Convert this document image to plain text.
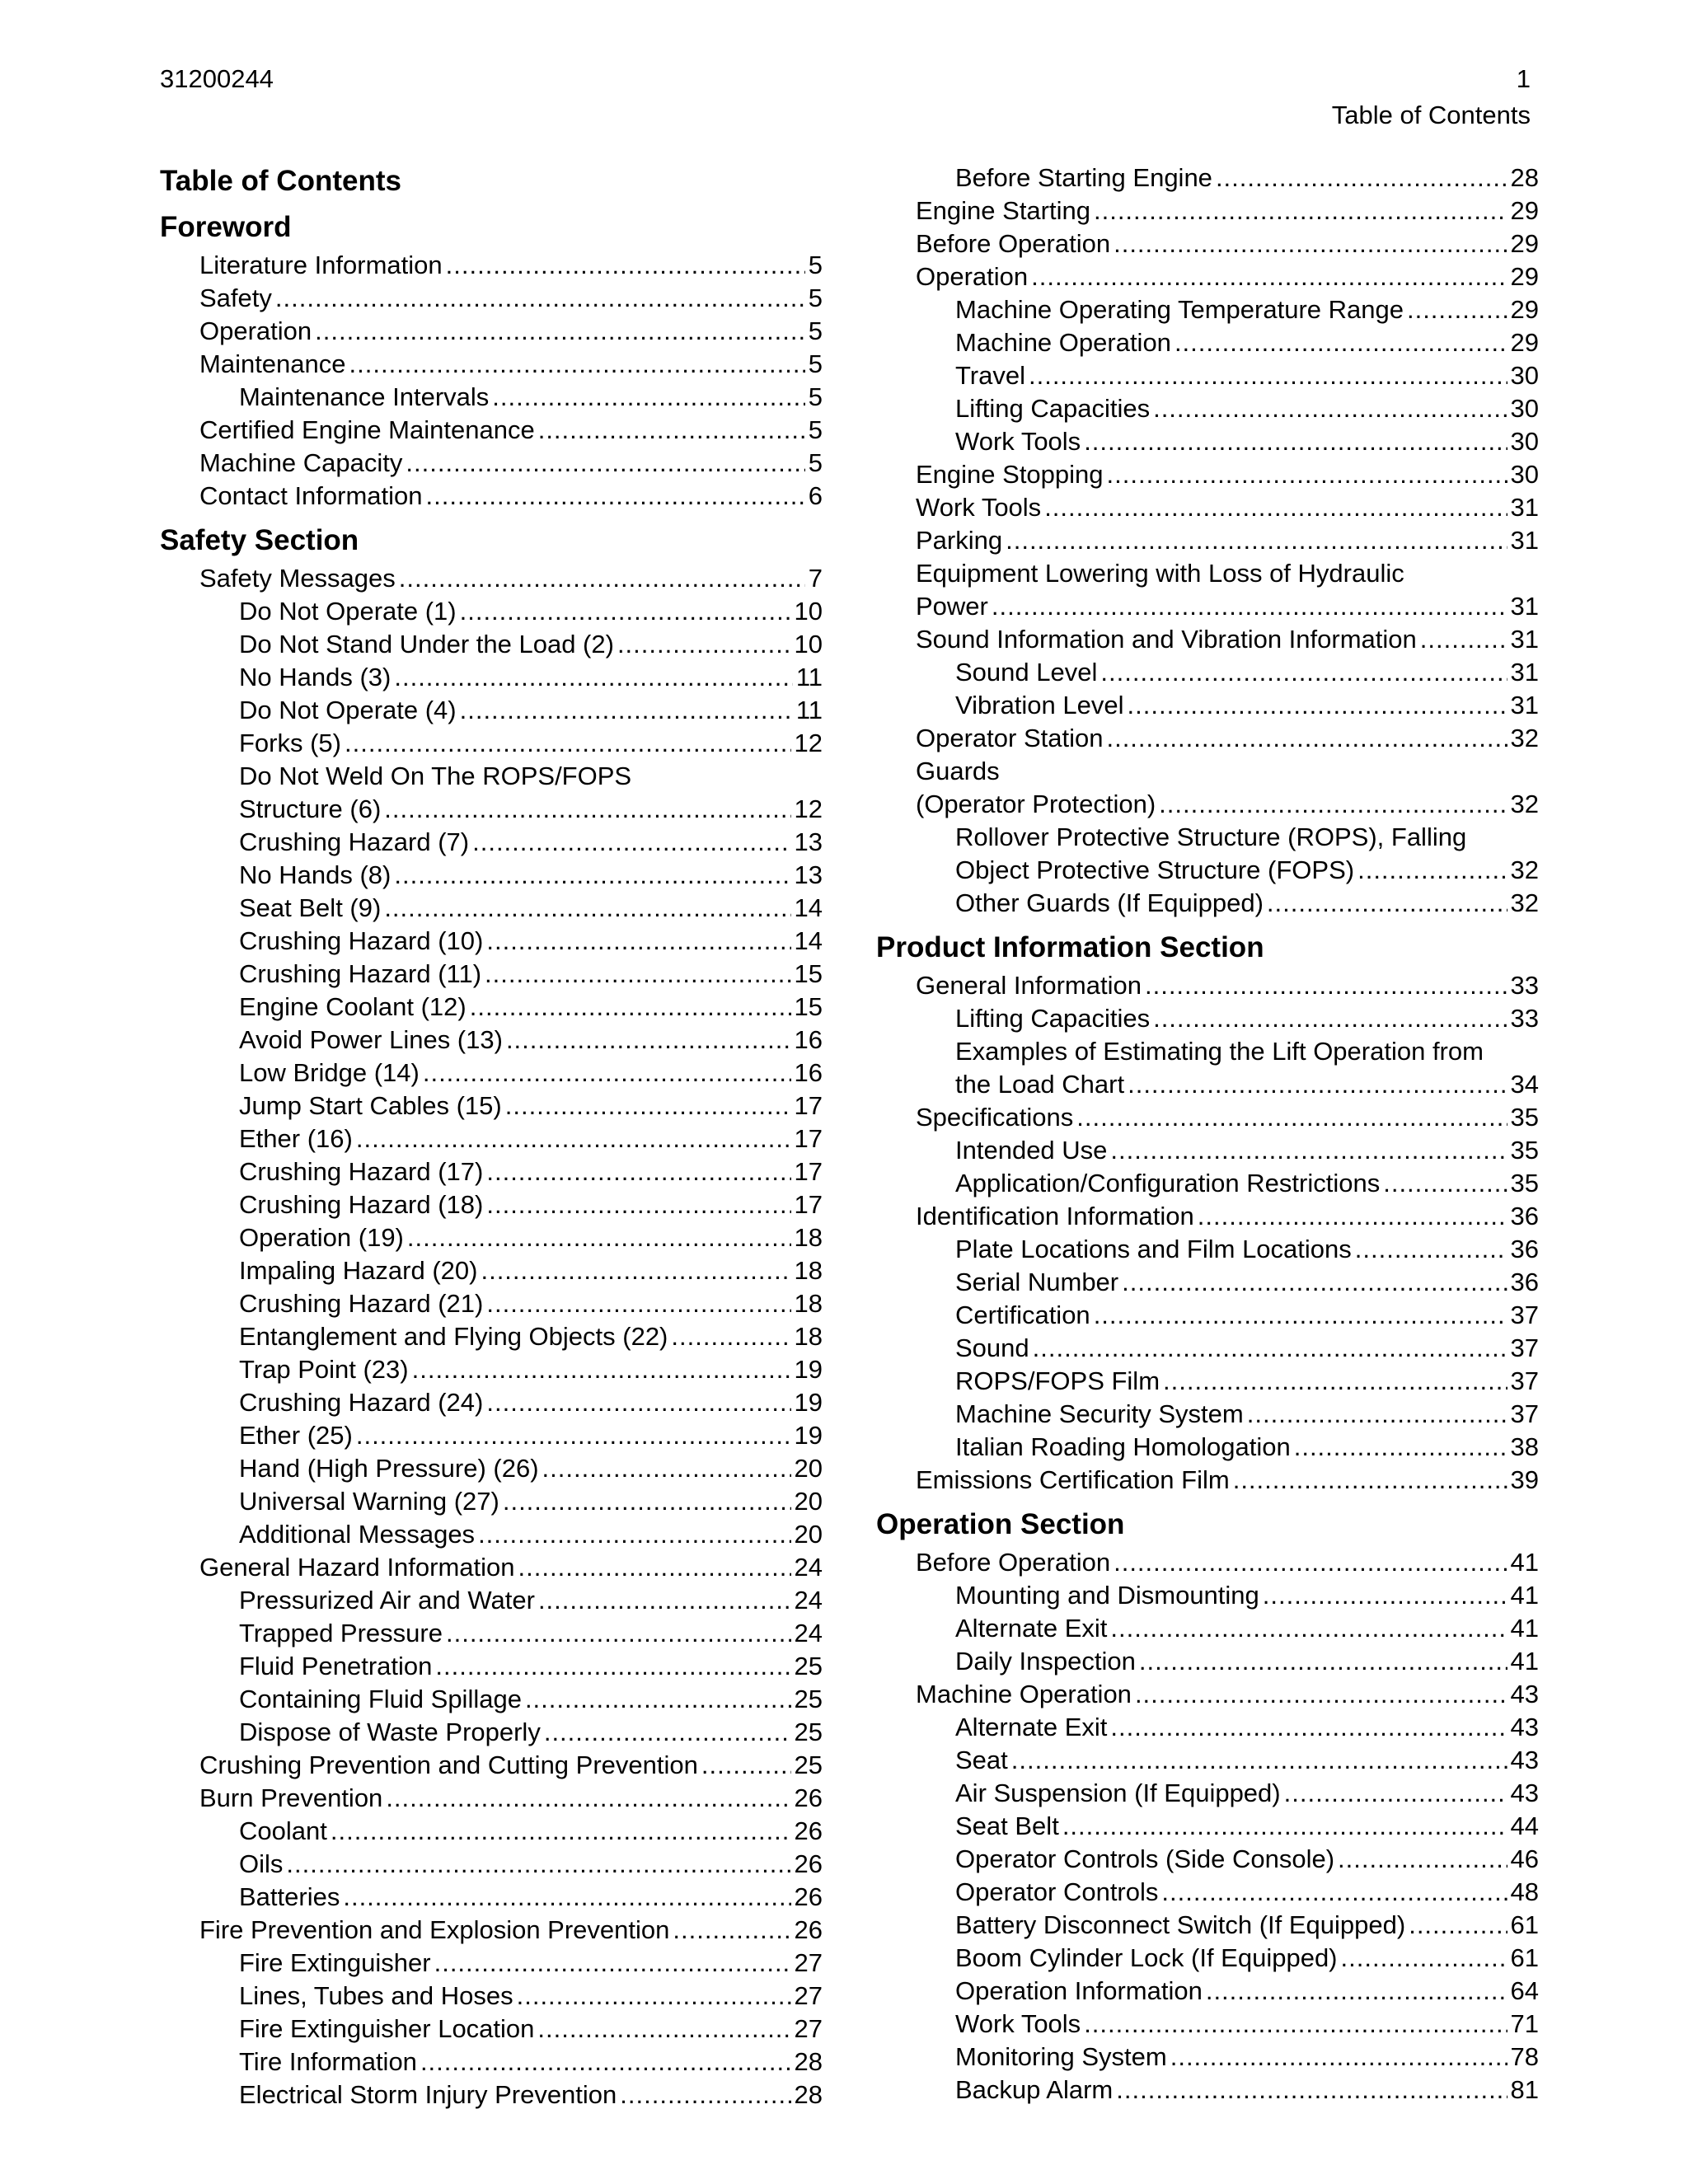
31200244	1
Table of Contents
Table of Contents
Foreword
Literature Information .....	5
Safety .....	5
Operation .....	5
Maintenance .....	5
Maintenance Intervals .....	5
Certified Engine Maintenance .....	5
Machine Capacity .....	5
Contact Information .....	6
Safety Section
Safety Messages .....	7
Do Not Operate (1) .....	10
Do Not Stand Under the Load (2) .....	10
No Hands (3) .....	11
Do Not Operate (4) .....	11
Forks (5) .....	12
Do Not Weld On The ROPS/FOPS
Structure (6) .....	12
Crushing Hazard (7) .....	13
No Hands (8) .....	13
Seat Belt (9) .....	14
Crushing Hazard (10) .....	14
Crushing Hazard (11) .....	15
Engine Coolant (12) .....	15
Avoid Power Lines (13) .....	16
Low Bridge (14) .....	16
Jump Start Cables (15) .....	17
Ether (16) .....	17
Crushing Hazard (17) .....	17
Crushing Hazard (18) .....	17
Operation (19) .....	18
Impaling Hazard (20) .....	18
Crushing Hazard (21) .....	18
Entanglement and Flying Objects (22) .....	18
Trap Point (23) .....	19
Crushing Hazard (24) .....	19
Ether (25) .....	19
Hand (High Pressure) (26) .....	20
Universal Warning (27) .....	20
Additional Messages .....	20
General Hazard Information .....	24
Pressurized Air and Water .....	24
Trapped Pressure .....	24
Fluid Penetration .....	25
Containing Fluid Spillage .....	25
Dispose of Waste Properly .....	25
Crushing Prevention and Cutting Prevention .....	25
Burn Prevention .....	26
Coolant .....	26
Oils .....	26
Batteries .....	26
Fire Prevention and Explosion Prevention .....	26
Fire Extinguisher .....	27
Lines, Tubes and Hoses .....	27
Fire Extinguisher Location .....	27
Tire Information .....	28
Electrical Storm Injury Prevention .....	28
Before Starting Engine .....	28
Engine Starting .....	29
Before Operation .....	29
Operation .....	29
Machine Operating Temperature Range .....	29
Machine Operation .....	29
Travel .....	30
Lifting Capacities .....	30
Work Tools .....	30
Engine Stopping .....	30
Work Tools .....	31
Parking .....	31
Equipment Lowering with Loss of Hydraulic
Power .....	31
Sound Information and Vibration Information .....	31
Sound Level .....	31
Vibration Level .....	31
Operator Station .....	32
Guards
(Operator Protection) .....	32
Rollover Protective Structure (ROPS), Falling
Object Protective Structure (FOPS) .....	32
Other Guards (If Equipped) .....	32
Product Information Section
General Information .....	33
Lifting Capacities .....	33
Examples of Estimating the Lift Operation from
the Load Chart .....	34
Specifications .....	35
Intended Use .....	35
Application/Configuration Restrictions .....	35
Identification Information .....	36
Plate Locations and Film Locations .....	36
Serial Number .....	36
Certification .....	37
Sound .....	37
ROPS/FOPS Film .....	37
Machine Security System .....	37
Italian Roading Homologation .....	38
Emissions Certification Film .....	39
Operation Section
Before Operation .....	41
Mounting and Dismounting .....	41
Alternate Exit .....	41
Daily Inspection .....	41
Machine Operation .....	43
Alternate Exit .....	43
Seat .....	43
Air Suspension (If Equipped) .....	43
Seat Belt .....	44
Operator Controls (Side Console) .....	46
Operator Controls .....	48
Battery Disconnect Switch (If Equipped) .....	61
Boom Cylinder Lock (If Equipped) .....	61
Operation Information .....	64
Work Tools .....	71
Monitoring System .....	78
Backup Alarm .....	81
